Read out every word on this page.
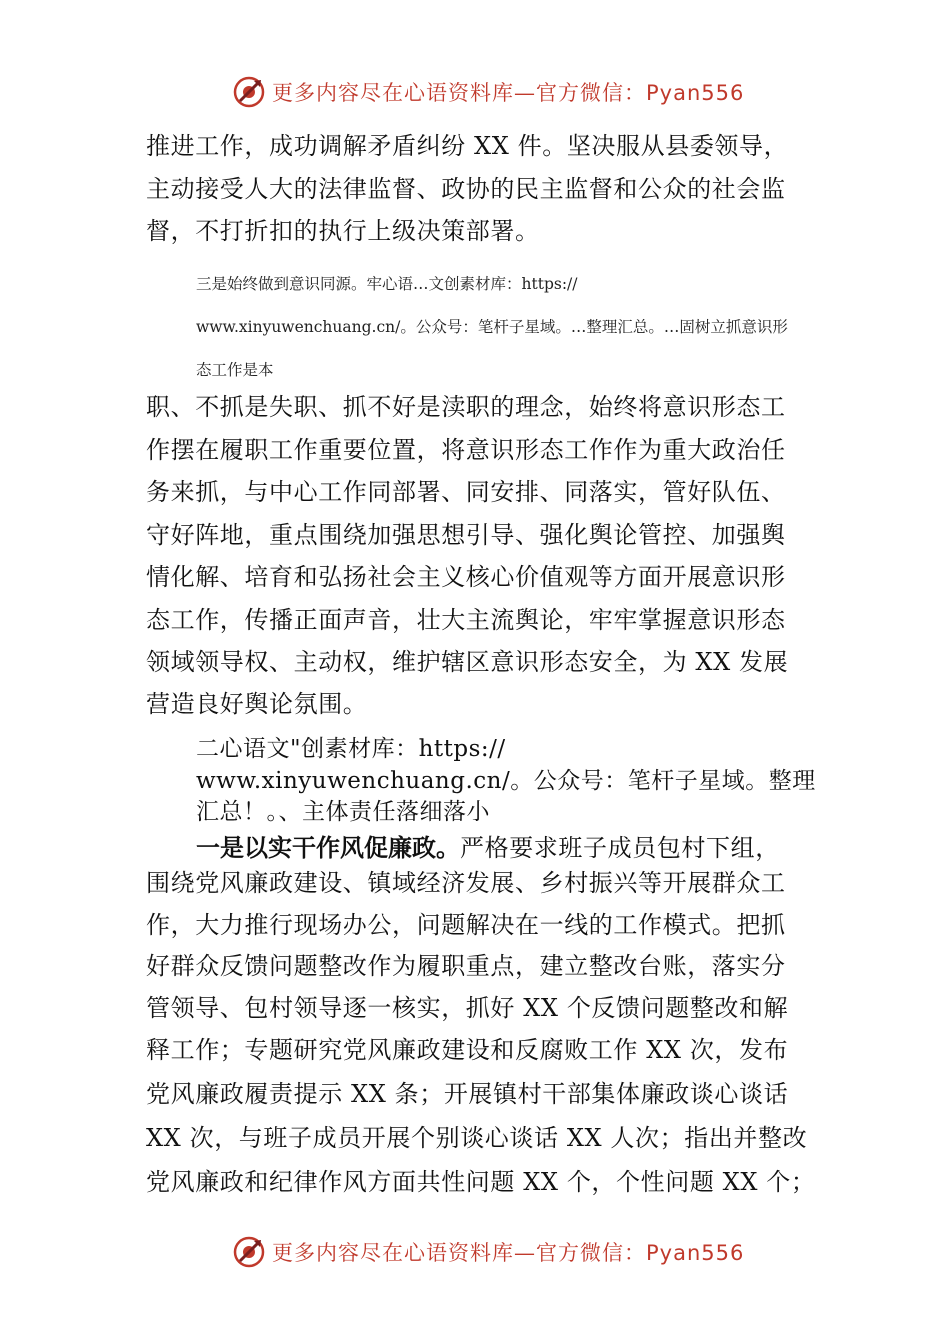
更多内容尽在心语资料库—官方微信：Pyan556
推进工作，成功调解矛盾纠纷 XX 件。坚决服从县委领导，
主动接受人大的法律监督、政协的民主监督和公众的社会监
督，不打折扣的执行上级决策部署。
三是始终做到意识同源。牢心语…文创素材库：https://
www.xinyuwenchuang.cn/。公众号：笔杆子星域。…整理汇总。…固树立抓意识形
态工作是本
职、不抓是失职、抓不好是渎职的理念，始终将意识形态工
作摆在履职工作重要位置，将意识形态工作作为重大政治任
务来抓，与中心工作同部署、同安排、同落实，管好队伍、
守好阵地，重点围绕加强思想引导、强化舆论管控、加强舆
情化解、培育和弘扬社会主义核心价值观等方面开展意识形
态工作，传播正面声音，壮大主流舆论，牢牢掌握意识形态
领域领导权、主动权，维护辖区意识形态安全，为 XX 发展
营造良好舆论氛围。
二心语文"创素材库：https://
www.xinyuwenchuang.cn/。公众号：笔杆子星域。整理
汇总！。、主体责任落细落小
一是以实干作风促廉政。严格要求班子成员包村下组，
围绕党风廉政建设、镇域经济发展、乡村振兴等开展群众工
作，大力推行现场办公，问题解决在一线的工作模式。把抓
好群众反馈问题整改作为履职重点，建立整改台账，落实分
管领导、包村领导逐一核实，抓好 XX 个反馈问题整改和解
释工作；专题研究党风廉政建设和反腐败工作 XX 次，发布
党风廉政履责提示 XX 条；开展镇村干部集体廉政谈心谈话
XX 次，与班子成员开展个别谈心谈话 XX 人次；指出并整改
党风廉政和纪律作风方面共性问题 XX 个，个性问题 XX 个；
更多内容尽在心语资料库—官方微信：Pyan556
